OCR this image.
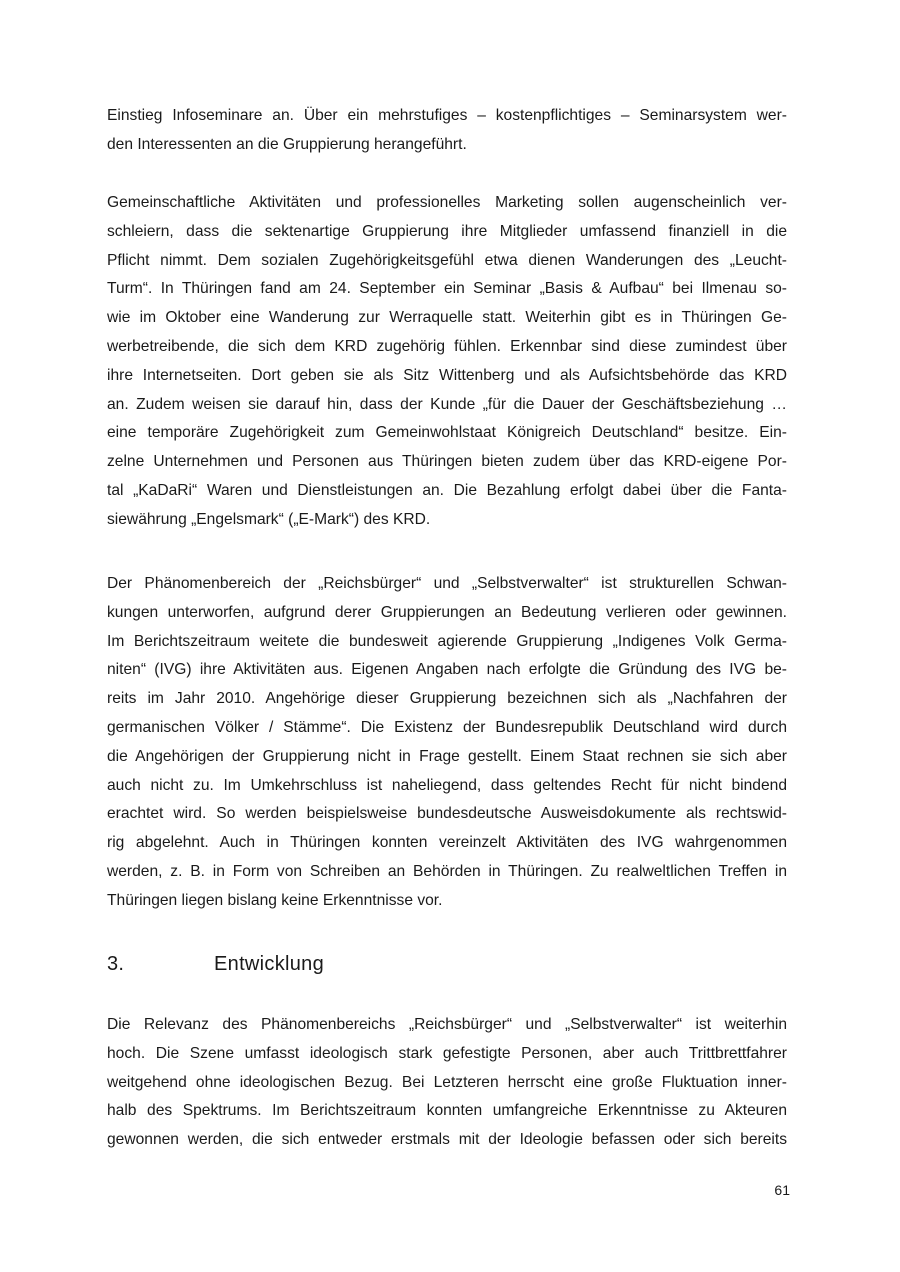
Einstieg Infoseminare an. Über ein mehrstufiges – kostenpflichtiges – Seminarsystem wer-
den Interessenten an die Gruppierung herangeführt.
Gemeinschaftliche Aktivitäten und professionelles Marketing sollen augenscheinlich ver-
schleiern, dass die sektenartige Gruppierung ihre Mitglieder umfassend finanziell in die
Pflicht nimmt. Dem sozialen Zugehörigkeitsgefühl etwa dienen Wanderungen des „Leucht-
Turm“. In Thüringen fand am 24. September ein Seminar „Basis & Aufbau“ bei Ilmenau so-
wie im Oktober eine Wanderung zur Werraquelle statt. Weiterhin gibt es in Thüringen Ge-
werbetreibende, die sich dem KRD zugehörig fühlen. Erkennbar sind diese zumindest über
ihre Internetseiten. Dort geben sie als Sitz Wittenberg und als Aufsichtsbehörde das KRD
an. Zudem weisen sie darauf hin, dass der Kunde „für die Dauer der Geschäftsbeziehung …
eine temporäre Zugehörigkeit zum Gemeinwohlstaat Königreich Deutschland“ besitze. Ein-
zelne Unternehmen und Personen aus Thüringen bieten zudem über das KRD-eigene Por-
tal „KaDaRi“ Waren und Dienstleistungen an. Die Bezahlung erfolgt dabei über die Fanta-
siewährung „Engelsmark“ („E-Mark“) des KRD.
Der Phänomenbereich der „Reichsbürger“ und „Selbstverwalter“ ist strukturellen Schwan-
kungen unterworfen, aufgrund derer Gruppierungen an Bedeutung verlieren oder gewinnen.
Im Berichtszeitraum weitete die bundesweit agierende Gruppierung „Indigenes Volk Germa-
niten“ (IVG) ihre Aktivitäten aus. Eigenen Angaben nach erfolgte die Gründung des IVG be-
reits im Jahr 2010. Angehörige dieser Gruppierung bezeichnen sich als „Nachfahren der
germanischen Völker / Stämme“. Die Existenz der Bundesrepublik Deutschland wird durch
die Angehörigen der Gruppierung nicht in Frage gestellt. Einem Staat rechnen sie sich aber
auch nicht zu. Im Umkehrschluss ist naheliegend, dass geltendes Recht für nicht bindend
erachtet wird. So werden beispielsweise bundesdeutsche Ausweisdokumente als rechtswid-
rig abgelehnt. Auch in Thüringen konnten vereinzelt Aktivitäten des IVG wahrgenommen
werden, z. B. in Form von Schreiben an Behörden in Thüringen. Zu realweltlichen Treffen in
Thüringen liegen bislang keine Erkenntnisse vor.
3.	Entwicklung
Die Relevanz des Phänomenbereichs „Reichsbürger“ und „Selbstverwalter“ ist weiterhin
hoch. Die Szene umfasst ideologisch stark gefestigte Personen, aber auch Trittbrettfahrer
weitgehend ohne ideologischen Bezug. Bei Letzteren herrscht eine große Fluktuation inner-
halb des Spektrums. Im Berichtszeitraum konnten umfangreiche Erkenntnisse zu Akteuren
gewonnen werden, die sich entweder erstmals mit der Ideologie befassen oder sich bereits
61
